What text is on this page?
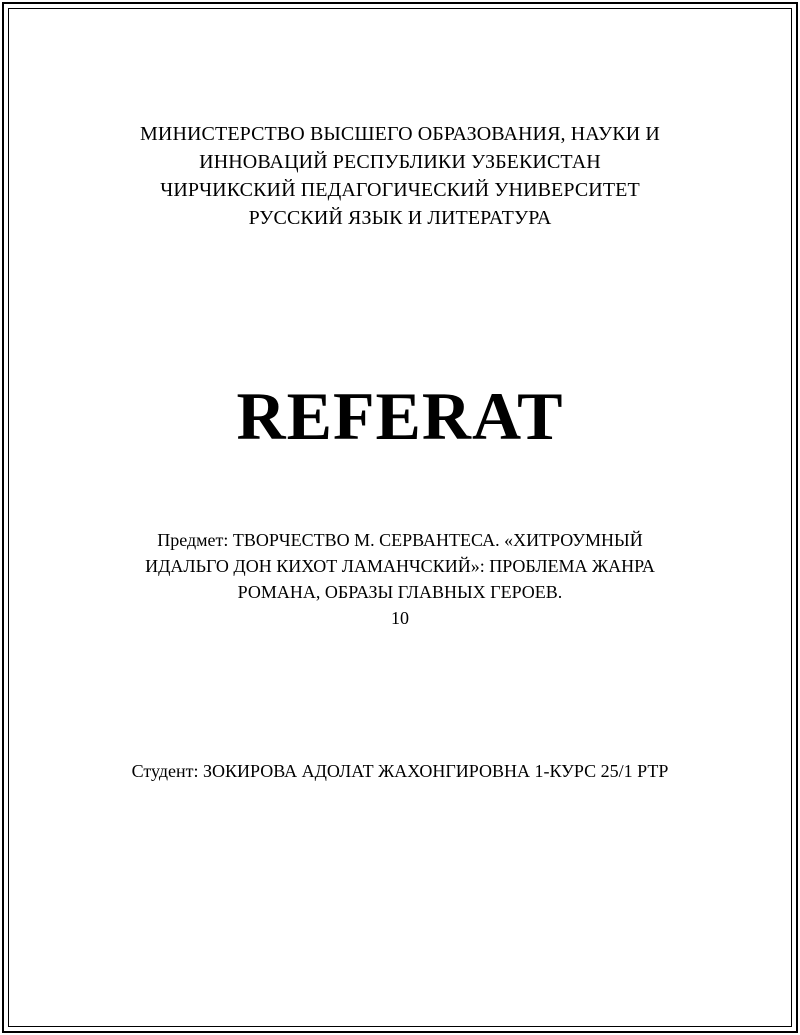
МИНИСТЕРСТВО ВЫСШЕГО ОБРАЗОВАНИЯ, НАУКИ И
ИННОВАЦИЙ РЕСПУБЛИКИ УЗБЕКИСТАН
ЧИРЧИКСКИЙ ПЕДАГОГИЧЕСКИЙ УНИВЕРСИТЕТ
РУССКИЙ ЯЗЫК И ЛИТЕРАТУРА
REFERAT
Предмет: ТВОРЧЕСТВО М. СЕРВАНТЕСА. «ХИТРОУМНЫЙ
ИДАЛЬГО ДОН КИХОТ ЛАМАНЧСКИЙ»: ПРОБЛЕМА ЖАНРА
РОМАНА, ОБРАЗЫ ГЛАВНЫХ ГЕРОЕВ.
10
Студент: ЗОКИРОВА АДОЛАТ ЖАХОНГИРОВНА 1-КУРС 25/1 РТР
